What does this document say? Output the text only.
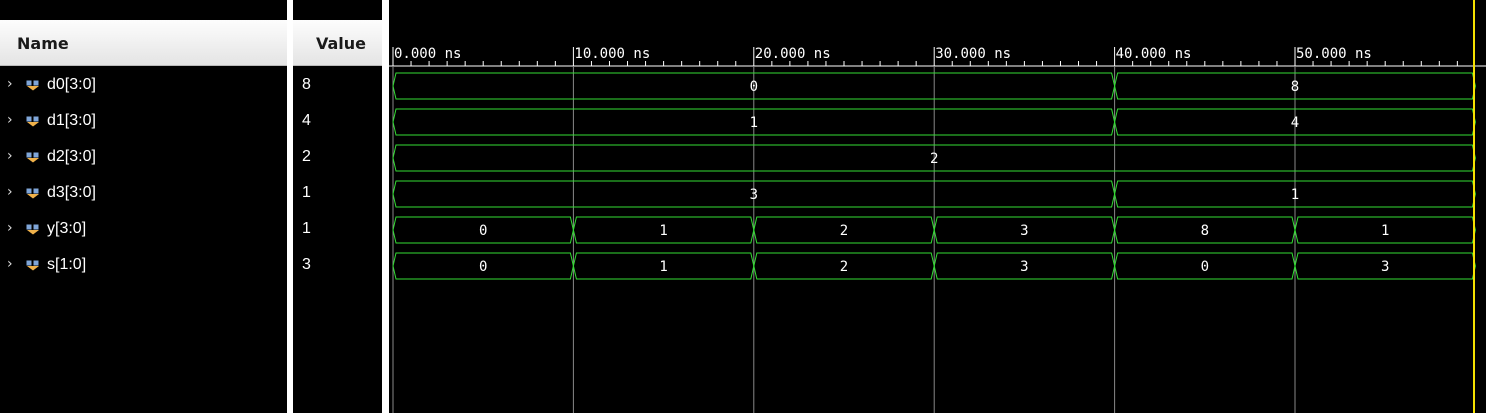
Name	Value
› d0[3:0]	8
› d1[3:0]	4
› d2[3:0]	2
› d3[3:0]	1
› y[3:0]	1
› s[1:0]	3
0.000 ns	10.000 ns	20.000 ns	30.000 ns	40.000 ns	50.000 ns
0	8
1	4
2
3	1
0	1	2	3	8	1
0	1	2	3	0	3
